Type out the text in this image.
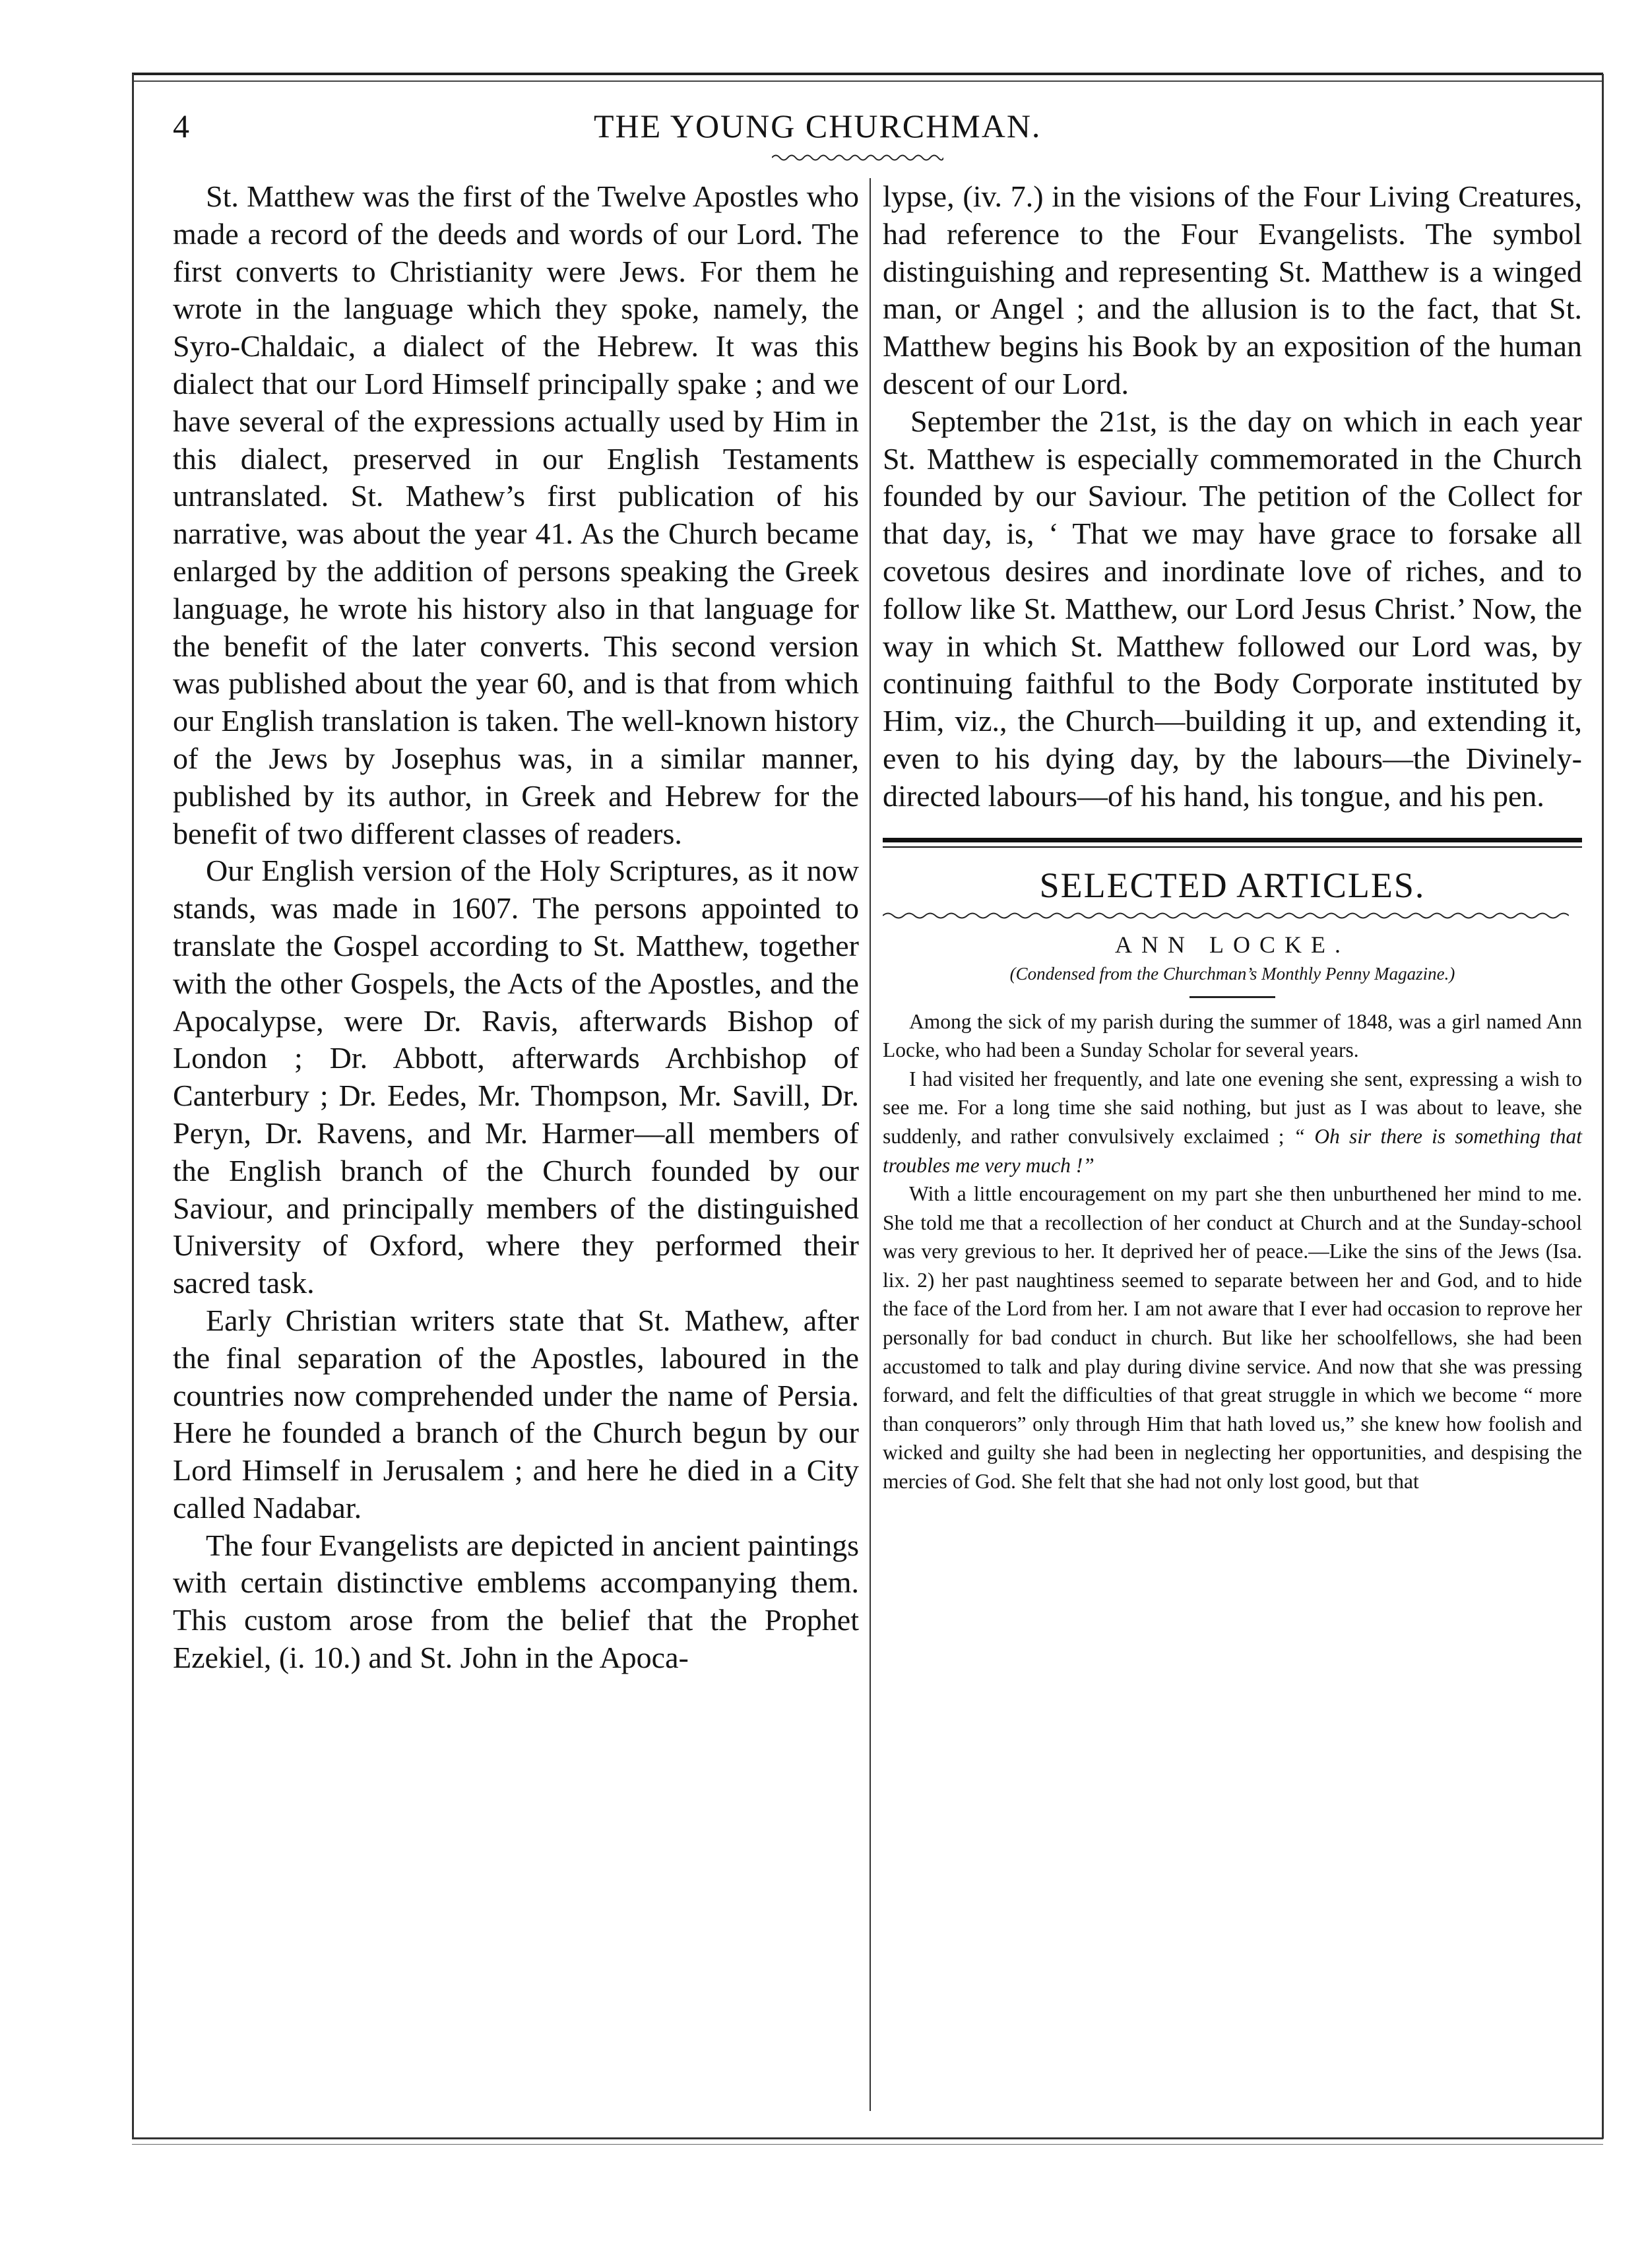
4	THE YOUNG CHURCHMAN.

St. Matthew was the first of the Twelve Apostles who made a record of the deeds and words of our Lord. The first converts to Christianity were Jews. For them he wrote in the language which they spoke, namely, the Syro-Chaldaic, a dialect of the Hebrew. It was this dialect that our Lord Himself principally spake ; and we have several of the expressions actually used by Him in this dialect, preserved in our English Testaments untranslated. St. Mathew’s first publication of his narrative, was about the year 41. As the Church became enlarged by the addition of persons speaking the Greek language, he wrote his history also in that language for the benefit of the later converts. This second version was published about the year 60, and is that from which our English translation is taken. The well-known history of the Jews by Josephus was, in a similar manner, published by its author, in Greek and Hebrew for the benefit of two different classes of readers.

Our English version of the Holy Scriptures, as it now stands, was made in 1607. The persons appointed to translate the Gospel according to St. Matthew, together with the other Gospels, the Acts of the Apostles, and the Apocalypse, were Dr. Ravis, afterwards Bishop of London ; Dr. Abbott, afterwards Archbishop of Canterbury ; Dr. Eedes, Mr. Thompson, Mr. Savill, Dr. Peryn, Dr. Ravens, and Mr. Harmer—all members of the English branch of the Church founded by our Saviour, and principally members of the distinguished University of Oxford, where they performed their sacred task.

Early Christian writers state that St. Mathew, after the final separation of the Apostles, laboured in the countries now comprehended under the name of Persia. Here he founded a branch of the Church begun by our Lord Himself in Jerusalem ; and here he died in a City called Nadabar.

The four Evangelists are depicted in ancient paintings with certain distinctive emblems accompanying them. This custom arose from the belief that the Prophet Ezekiel, (i. 10.) and St. John in the Apoca-

lypse, (iv. 7.) in the visions of the Four Living Creatures, had reference to the Four Evangelists. The symbol distinguishing and representing St. Matthew is a winged man, or Angel ; and the allusion is to the fact, that St. Matthew begins his Book by an exposition of the human descent of our Lord.

September the 21st, is the day on which in each year St. Matthew is especially commemorated in the Church founded by our Saviour. The petition of the Collect for that day, is, ‘ That we may have grace to forsake all covetous desires and inordinate love of riches, and to follow like St. Matthew, our Lord Jesus Christ.’ Now, the way in which St. Matthew followed our Lord was, by continuing faithful to the Body Corporate instituted by Him, viz., the Church—building it up, and extending it, even to his dying day, by the labours—the Divinely-directed labours—of his hand, his tongue, and his pen.

SELECTED ARTICLES.
ANN LOCKE.
(Condensed from the Churchman’s Monthly Penny Magazine.)

Among the sick of my parish during the summer of 1848, was a girl named Ann Locke, who had been a Sunday Scholar for several years.

I had visited her frequently, and late one evening she sent, expressing a wish to see me. For a long time she said nothing, but just as I was about to leave, she suddenly, and rather convulsively exclaimed ; “ Oh sir there is something that troubles me very much !”

With a little encouragement on my part she then unburthened her mind to me. She told me that a recollection of her conduct at Church and at the Sunday-school was very grevious to her. It deprived her of peace.—Like the sins of the Jews (Isa. lix. 2) her past naughtiness seemed to separate between her and God, and to hide the face of the Lord from her. I am not aware that I ever had occasion to reprove her personally for bad conduct in church. But like her schoolfellows, she had been accustomed to talk and play during divine service. And now that she was pressing forward, and felt the difficulties of that great struggle in which we become “ more than conquerors” only through Him that hath loved us,” she knew how foolish and wicked and guilty she had been in neglecting her opportunities, and despising the mercies of God. She felt that she had not only lost good, but that
